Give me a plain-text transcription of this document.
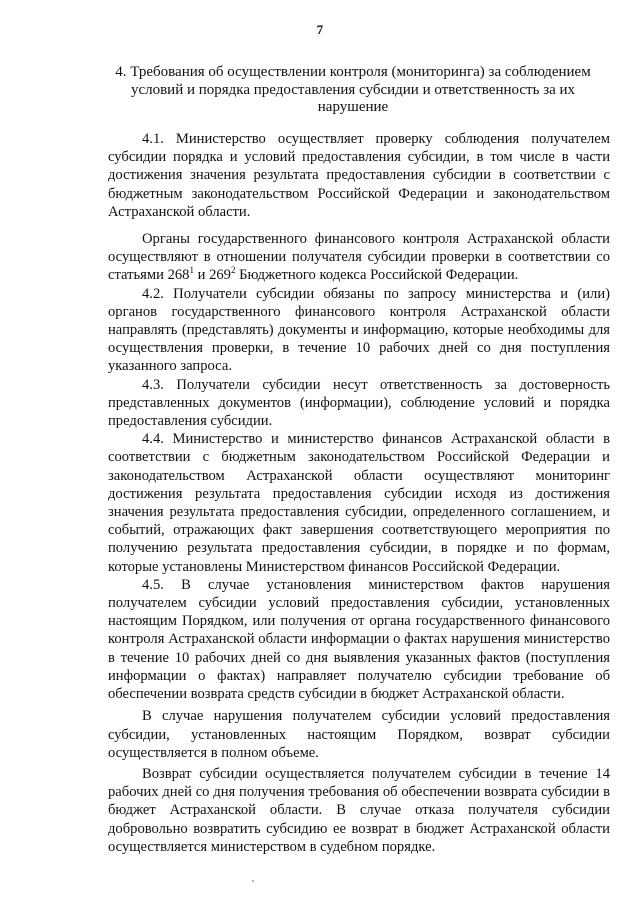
7
4. Требования об осуществлении контроля (мониторинга) за соблюдением условий и порядка предоставления субсидии и ответственность за их нарушение

4.1. Министерство осуществляет проверку соблюдения получателем субсидии порядка и условий предоставления субсидии, в том числе в части достижения значения результата предоставления субсидии в соответствии с бюджетным законодательством Российской Федерации и законодательством Астраханской области.

Органы государственного финансового контроля Астраханской области осуществляют в отношении получателя субсидии проверки в соответствии со статьями $268^1$ и $269^2$ Бюджетного кодекса Российской Федерации.

4.2. Получатели субсидии обязаны по запросу министерства и (или) органов государственного финансового контроля Астраханской области направлять (представлять) документы и информацию, которые необходимы для осуществления проверки, в течение 10 рабочих дней со дня поступления указанного запроса.

4.3. Получатели субсидии несут ответственность за достоверность представленных документов (информации), соблюдение условий и порядка предоставления субсидии.

4.4. Министерство и министерство финансов Астраханской области в соответствии с бюджетным законодательством Российской Федерации и законодательством Астраханской области осуществляют мониторинг достижения результата предоставления субсидии исходя из достижения значения результата предоставления субсидии, определенного соглашением, и событий, отражающих факт завершения соответствующего мероприятия по получению результата предоставления субсидии, в порядке и по формам, которые установлены Министерством финансов Российской Федерации.

4.5. В случае установления министерством фактов нарушения получателем субсидии условий предоставления субсидии, установленных настоящим Порядком, или получения от органа государственного финансового контроля Астраханской области информации о фактах нарушения министерство в течение 10 рабочих дней со дня выявления указанных фактов (поступления информации о фактах) направляет получателю субсидии требование об обеспечении возврата средств субсидии в бюджет Астраханской области.

В случае нарушения получателем субсидии условий предоставления субсидии, установленных настоящим Порядком, возврат субсидии осуществляется в полном объеме.

Возврат субсидии осуществляется получателем субсидии в течение 14 рабочих дней со дня получения требования об обеспечении возврата субсидии в бюджет Астраханской области. В случае отказа получателя субсидии добровольно возвратить субсидию ее возврат в бюджет Астраханской области осуществляется министерством в судебном порядке.
